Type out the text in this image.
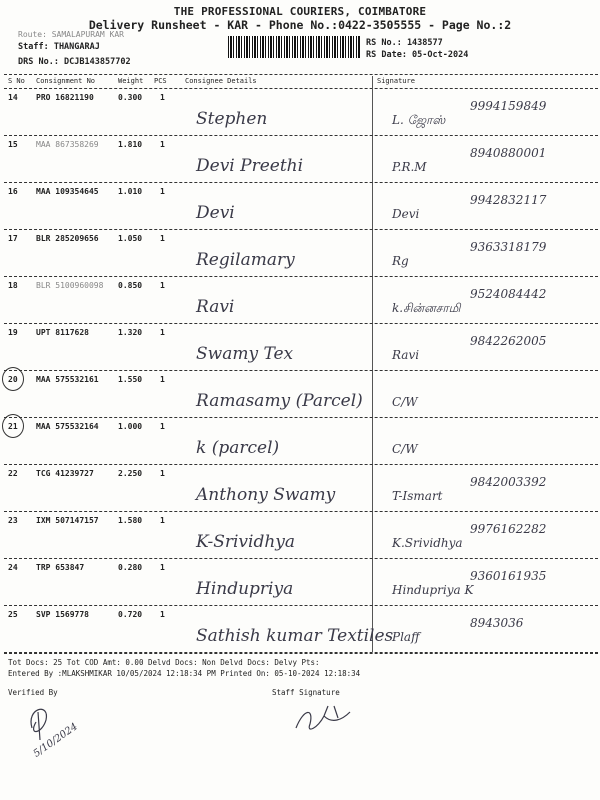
THE PROFESSIONAL COURIERS, COIMBATORE
Delivery Runsheet - KAR - Phone No.:0422-3505555 - Page No.:2
Route: SAMALAPURAM KAR
Staff: THANGARAJ
DRS No.: DCJB143857702
RS No.: 1438577
RS Date: 05-Oct-2024
S No Consignment No	Weight PCS	Consignee Details	Signature
14 PRO 16821190	0.300 1
Stephen
9994159849
L. ஜோஸ்
15 MAA 867358269 1.810 1
Devi Preethi
8940880001
P.R.M
16 MAA 109354645 1.010 1
Devi
9942832117
Devi
17 BLR 285209656 1.050 1
Regilamary
9363318179
Rg
18 BLR 5100960098 0.850 1
Ravi
9524084442
k.சின்னசாமி
19 UPT 8117628	1.320 1
Swamy Tex
9842262005
Ravi
20 MAA 575532161 1.550 1
Ramasamy (Parcel) C/W
21 MAA 575532164 1.000 1
k (parcel)	C/W
22 TCG 41239727	2.250 1
Anthony Swamy
9842003392
T-Ismart
23 IXM 507147157 1.580 1
K-Srividhya
9976162282
K.Srividhya
24 TRP 653847	0.280 1
Hindupriya
9360161935
Hindupriya K
25 SVP 1569778	0.720 1
Sathish kumar Textiles
8943036
Plaff
Tot Docs: 25 Tot COD Amt: 0.00 Delvd Docs: Non Delvd Docs: Delvy Pts:
Entered By :MLAKSHMIKAR 10/05/2024 12:18:34 PM Printed On: 05-10-2024 12:18:34
Verified By	Staff Signature
5/10/2024
